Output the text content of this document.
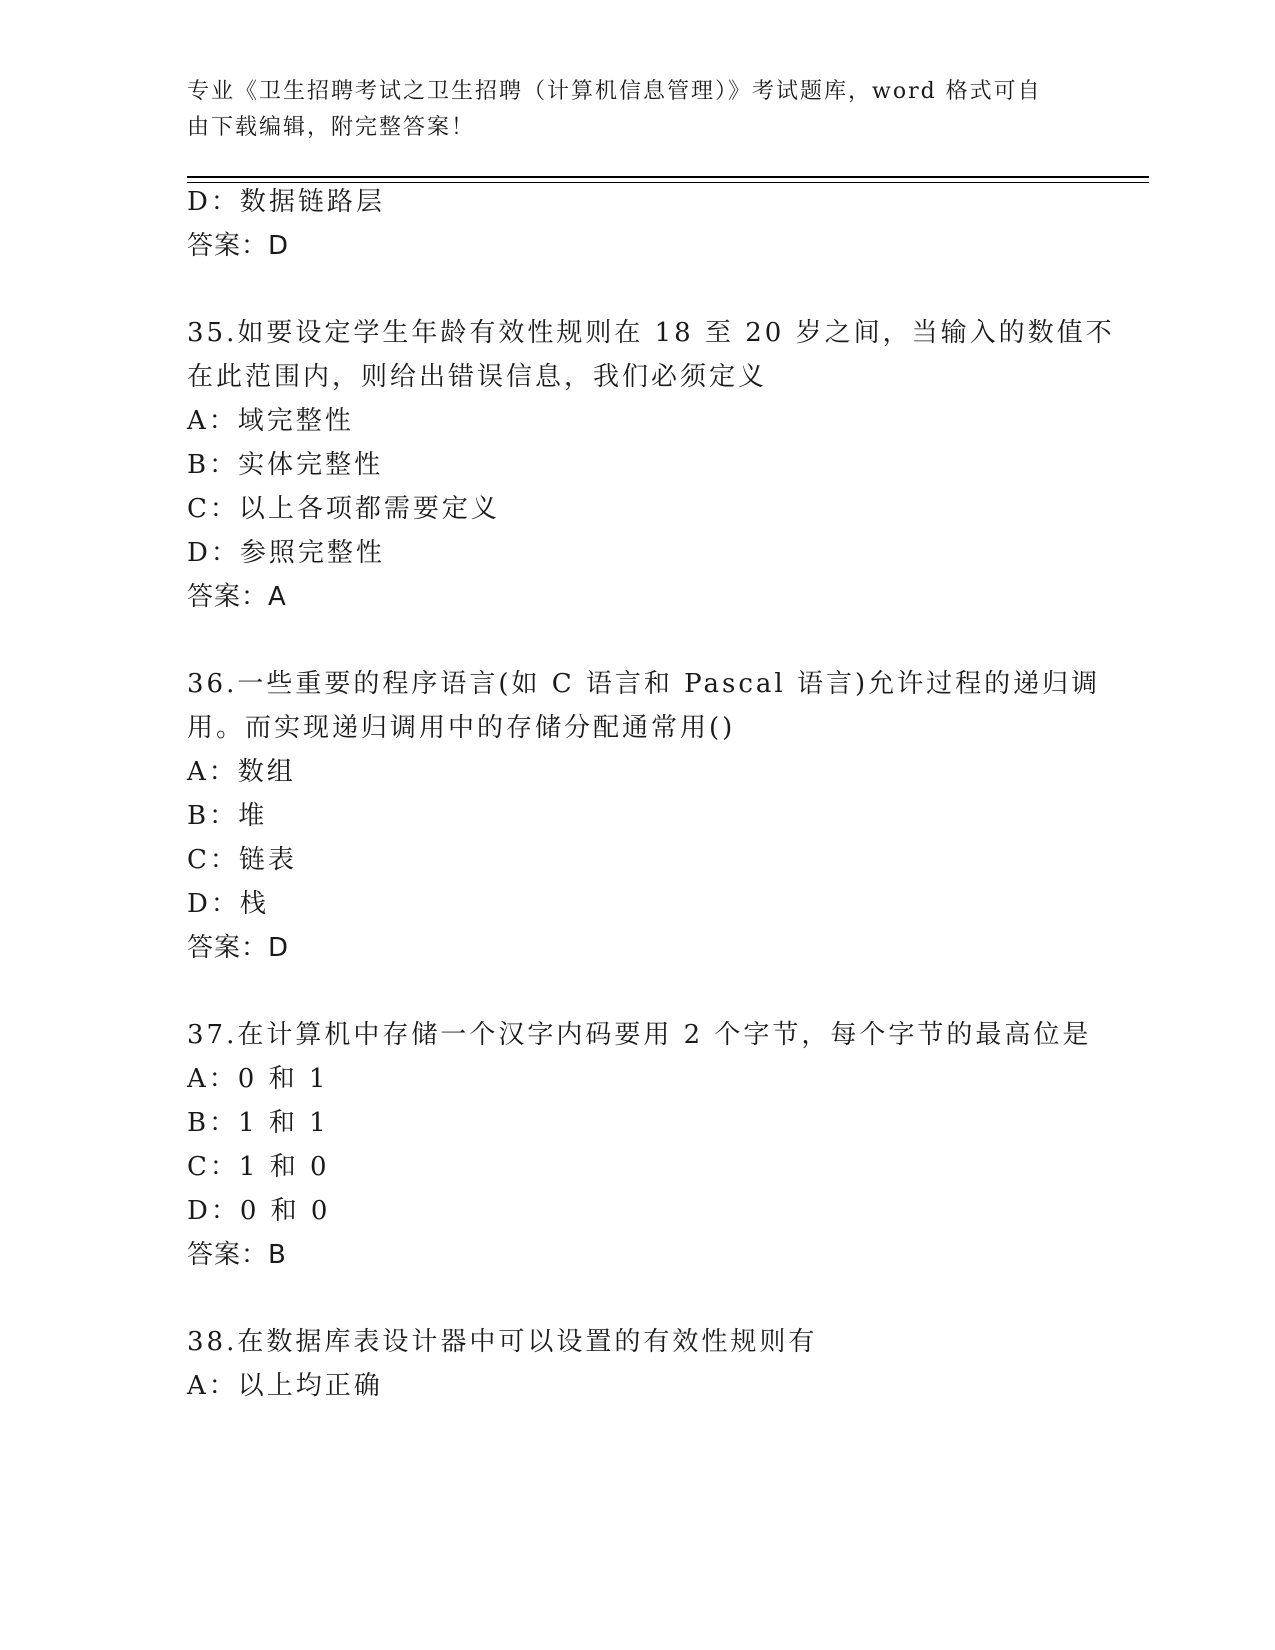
专业《卫生招聘考试之卫生招聘（计算机信息管理）》考试题库，word 格式可自
由下载编辑，附完整答案！
D：数据链路层
答案：D
35.如要设定学生年龄有效性规则在 18 至 20 岁之间，当输入的数值不
在此范围内，则给出错误信息，我们必须定义
A：域完整性
B：实体完整性
C：以上各项都需要定义
D：参照完整性
答案：A
36.一些重要的程序语言(如 C 语言和 Pascal 语言)允许过程的递归调
用。而实现递归调用中的存储分配通常用()
A：数组
B：堆
C：链表
D：栈
答案：D
37.在计算机中存储一个汉字内码要用 2 个字节，每个字节的最高位是
A：0 和 1
B：1 和 1
C：1 和 0
D：0 和 0
答案：B
38.在数据库表设计器中可以设置的有效性规则有
A：以上均正确
